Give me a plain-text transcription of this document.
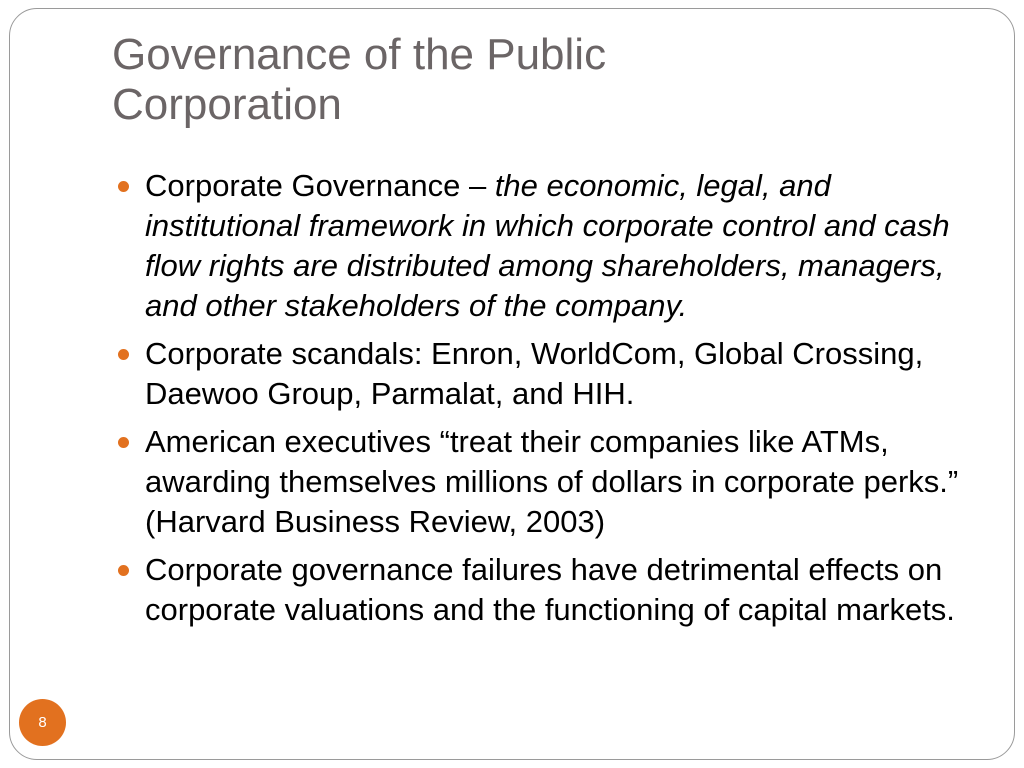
Governance of the Public
Corporation
Corporate Governance – the economic, legal, and institutional framework in which corporate control and cash flow rights are distributed among shareholders, managers, and other stakeholders of the company.
Corporate scandals: Enron, WorldCom, Global Crossing, Daewoo Group, Parmalat, and HIH.
American executives “treat their companies like ATMs, awarding themselves millions of dollars in corporate perks.” (Harvard Business Review, 2003)
Corporate governance failures have detrimental effects on corporate valuations and the functioning of capital markets.
8
